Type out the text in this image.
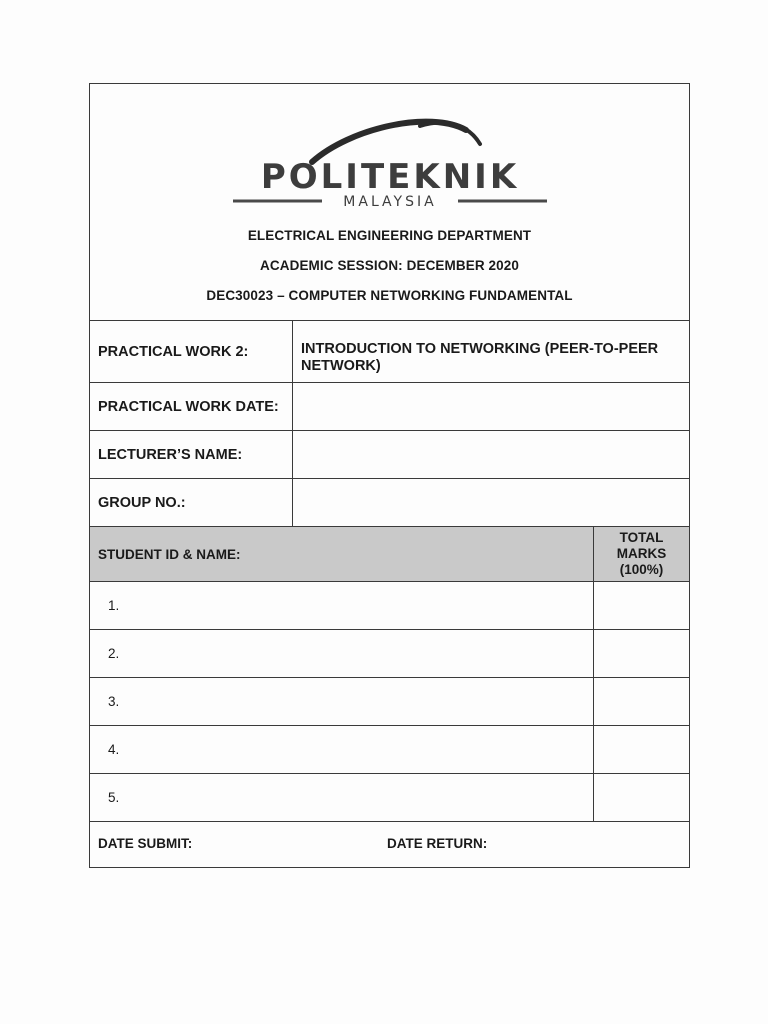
POLITEKNIK
MALAYSIA
ELECTRICAL ENGINEERING DEPARTMENT
ACADEMIC SESSION: DECEMBER 2020
DEC30023 – COMPUTER NETWORKING FUNDAMENTAL
PRACTICAL WORK 2:	INTRODUCTION TO NETWORKING (PEER-TO-PEER NETWORK)
PRACTICAL WORK DATE:
LECTURER’S NAME:
GROUP NO.:
STUDENT ID & NAME:
TOTAL
MARKS
(100%)
1.
2.
3.
4.
5.
DATE SUBMIT:	DATE RETURN:
